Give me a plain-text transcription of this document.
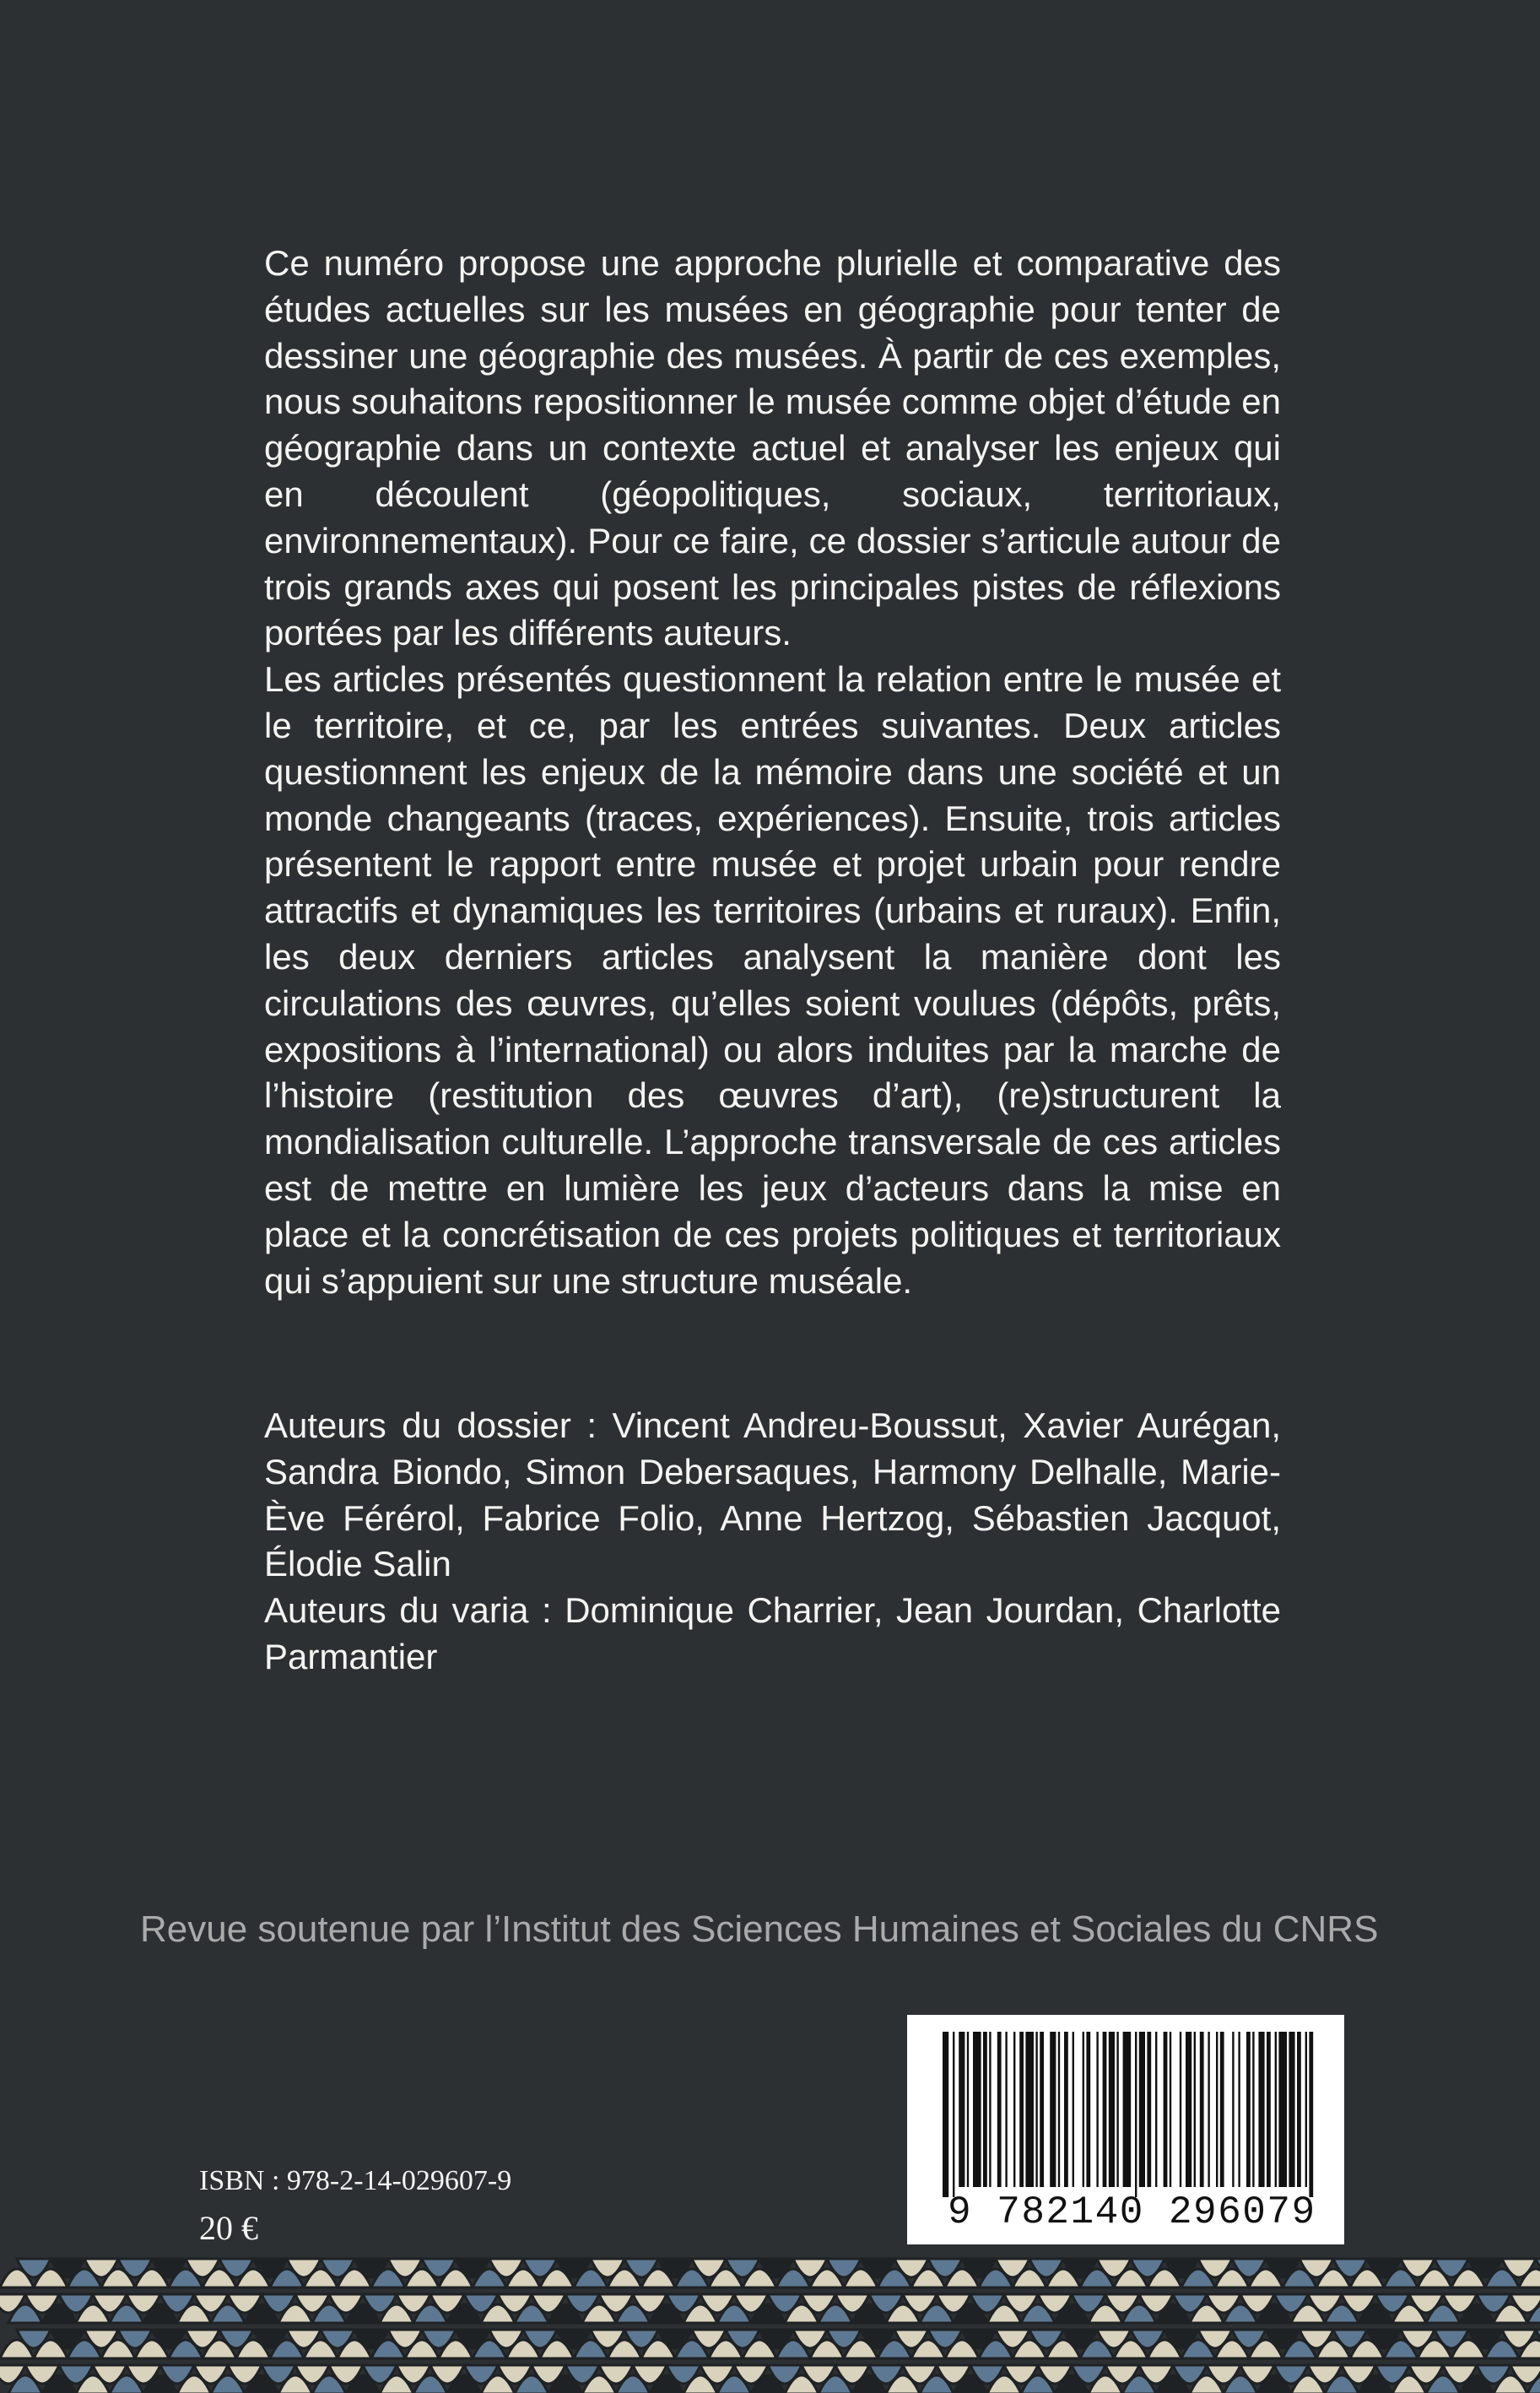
Ce numéro propose une approche plurielle et comparative des études actuelles sur les musées en géographie pour tenter de dessiner une géographie des musées. À partir de ces exemples, nous souhaitons repositionner le musée comme objet d’étude en géographie dans un contexte actuel et analyser les enjeux qui en découlent (géopolitiques, sociaux, territoriaux, environnementaux). Pour ce faire, ce dossier s’articule autour de trois grands axes qui posent les principales pistes de réflexions portées par les différents auteurs.

Les articles présentés questionnent la relation entre le musée et le territoire, et ce, par les entrées suivantes. Deux articles questionnent les enjeux de la mémoire dans une société et un monde changeants (traces, expériences). Ensuite, trois articles présentent le rapport entre musée et projet urbain pour rendre attractifs et dynamiques les territoires (urbains et ruraux). Enfin, les deux derniers articles analysent la manière dont les circulations des œuvres, qu’elles soient voulues (dépôts, prêts, expositions à l’international) ou alors induites par la marche de l’histoire (restitution des œuvres d’art), (re)structurent la mondialisation culturelle. L’approche transversale de ces articles est de mettre en lumière les jeux d’acteurs dans la mise en place et la concrétisation de ces projets politiques et territoriaux qui s’appuient sur une structure muséale.

Auteurs du dossier : Vincent Andreu-Boussut, Xavier Aurégan, Sandra Biondo, Simon Debersaques, Harmony Delhalle, Marie-Ève Férérol, Fabrice Folio, Anne Hertzog, Sébastien Jacquot, Élodie Salin

Auteurs du varia : Dominique Charrier, Jean Jourdan, Charlotte Parmantier

Revue soutenue par l’Institut des Sciences Humaines et Sociales du CNRS
ISBN : 978-2-14-029607-9
20 €	9 782140 296079
